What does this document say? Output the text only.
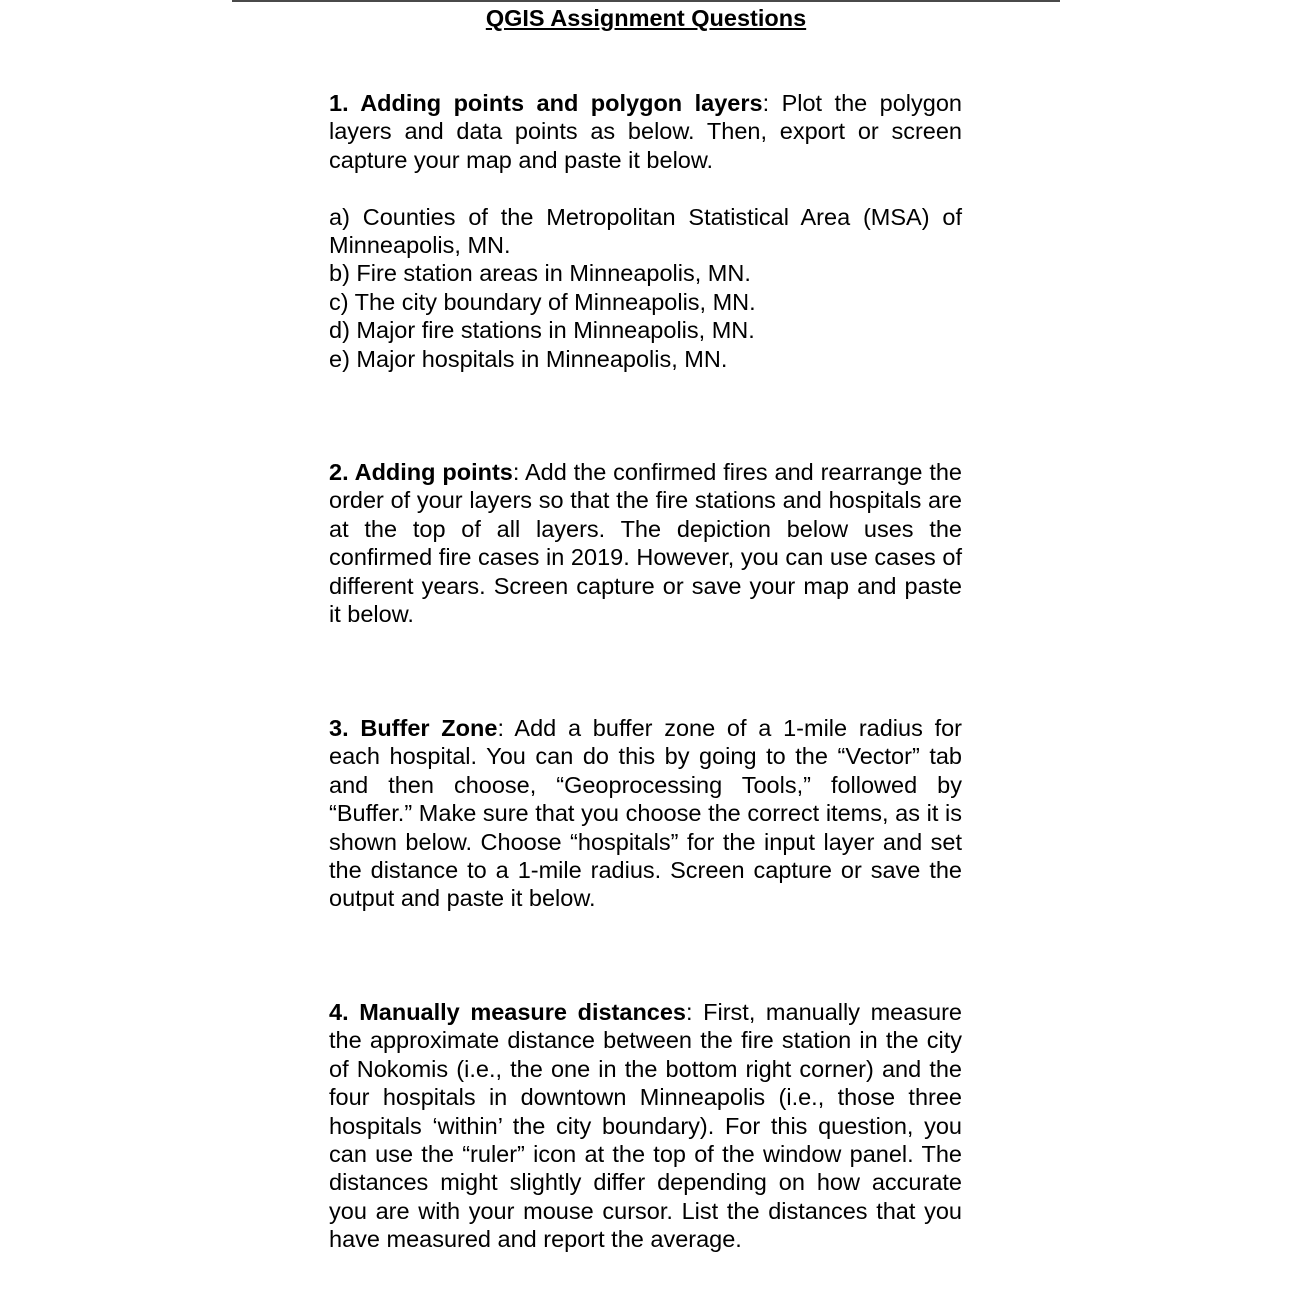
QGIS Assignment Questions

1. Adding points and polygon layers: Plot the polygon layers and data points as below. Then, export or screen capture your map and paste it below.

a) Counties of the Metropolitan Statistical Area (MSA) of Minneapolis, MN.
b) Fire station areas in Minneapolis, MN.
c) The city boundary of Minneapolis, MN.
d) Major fire stations in Minneapolis, MN.
e) Major hospitals in Minneapolis, MN.

2. Adding points: Add the confirmed fires and rearrange the order of your layers so that the fire stations and hospitals are at the top of all layers. The depiction below uses the confirmed fire cases in 2019. However, you can use cases of different years. Screen capture or save your map and paste it below.

3. Buffer Zone: Add a buffer zone of a 1-mile radius for each hospital. You can do this by going to the “Vector” tab and then choose, “Geoprocessing Tools,” followed by “Buffer.” Make sure that you choose the correct items, as it is shown below. Choose “hospitals” for the input layer and set the distance to a 1-mile radius. Screen capture or save the output and paste it below.

4. Manually measure distances: First, manually measure the approximate distance between the fire station in the city of Nokomis (i.e., the one in the bottom right corner) and the four hospitals in downtown Minneapolis (i.e., those three hospitals ‘within’ the city boundary). For this question, you can use the “ruler” icon at the top of the window panel. The distances might slightly differ depending on how accurate you are with your mouse cursor. List the distances that you have measured and report the average.
